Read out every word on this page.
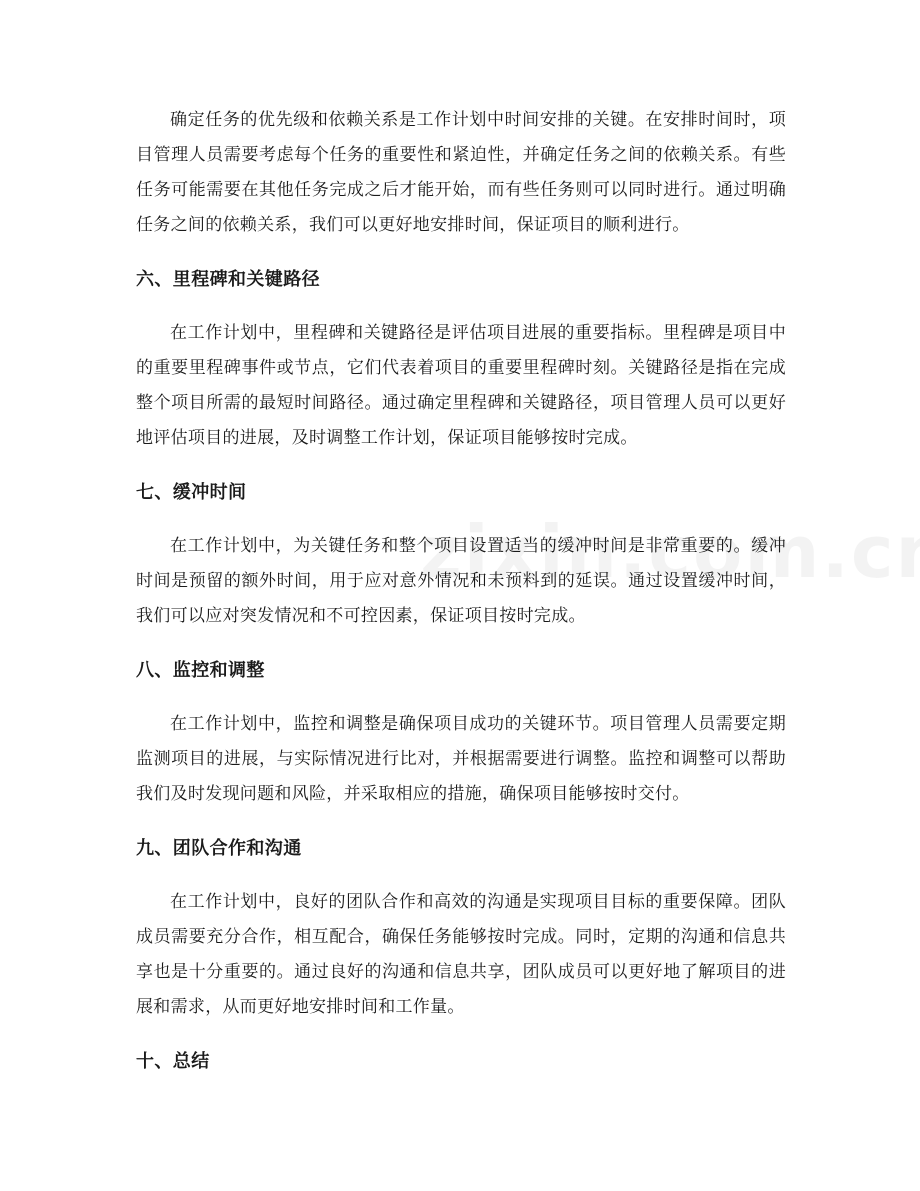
确定任务的优先级和依赖关系是工作计划中时间安排的关键。在安排时间时，项目管理人员需要考虑每个任务的重要性和紧迫性，并确定任务之间的依赖关系。有些任务可能需要在其他任务完成之后才能开始，而有些任务则可以同时进行。通过明确任务之间的依赖关系，我们可以更好地安排时间，保证项目的顺利进行。

六、里程碑和关键路径

在工作计划中，里程碑和关键路径是评估项目进展的重要指标。里程碑是项目中的重要里程碑事件或节点，它们代表着项目的重要里程碑时刻。关键路径是指在完成整个项目所需的最短时间路径。通过确定里程碑和关键路径，项目管理人员可以更好地评估项目的进展，及时调整工作计划，保证项目能够按时完成。

七、缓冲时间

在工作计划中，为关键任务和整个项目设置适当的缓冲时间是非常重要的。缓冲时间是预留的额外时间，用于应对意外情况和未预料到的延误。通过设置缓冲时间，我们可以应对突发情况和不可控因素，保证项目按时完成。

八、监控和调整

在工作计划中，监控和调整是确保项目成功的关键环节。项目管理人员需要定期监测项目的进展，与实际情况进行比对，并根据需要进行调整。监控和调整可以帮助我们及时发现问题和风险，并采取相应的措施，确保项目能够按时交付。

九、团队合作和沟通

在工作计划中，良好的团队合作和高效的沟通是实现项目目标的重要保障。团队成员需要充分合作，相互配合，确保任务能够按时完成。同时，定期的沟通和信息共享也是十分重要的。通过良好的沟通和信息共享，团队成员可以更好地了解项目的进展和需求，从而更好地安排时间和工作量。

十、总结
